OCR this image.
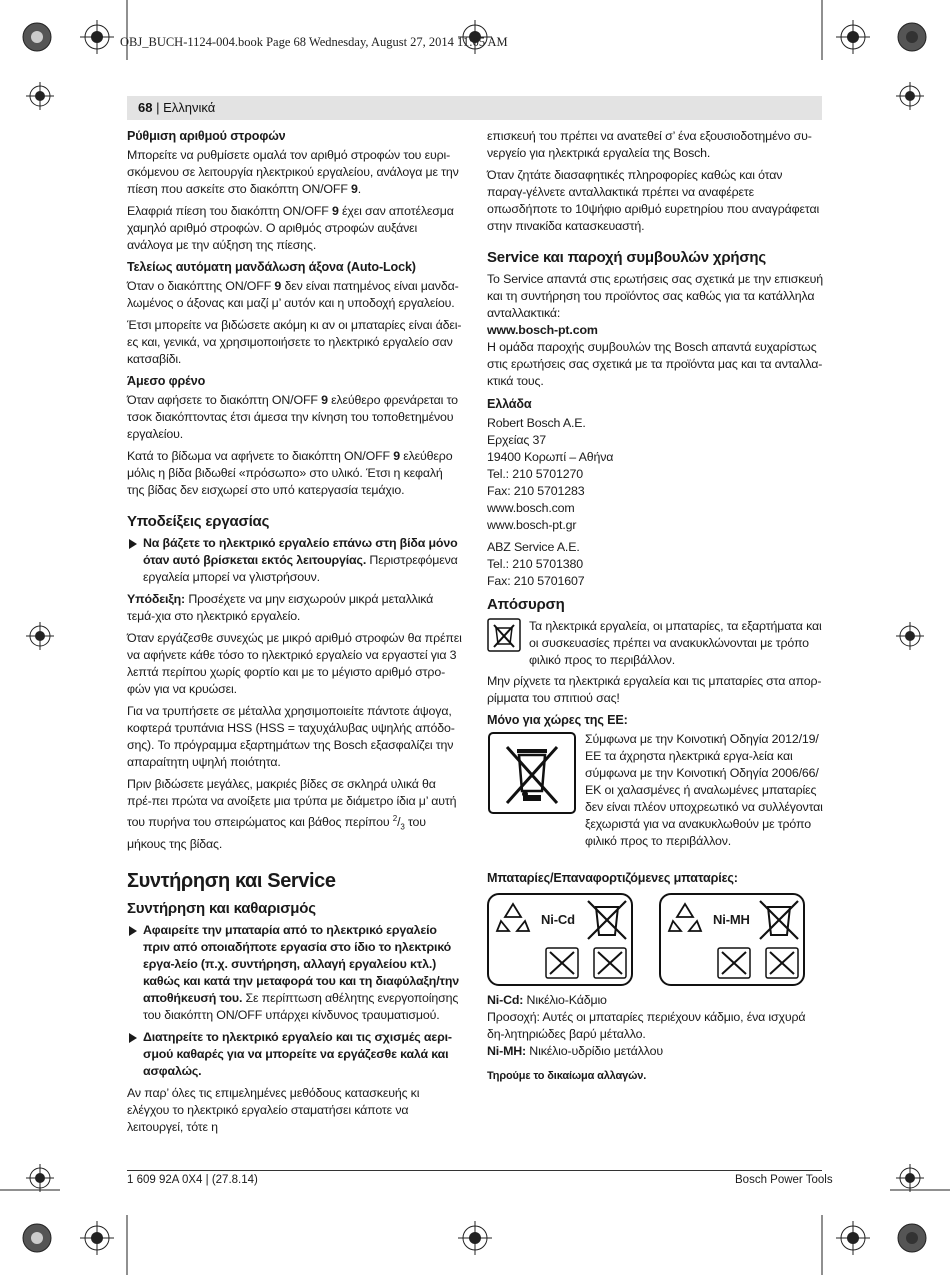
OBJ_BUCH-1124-004.book Page 68 Wednesday, August 27, 2014 11:05 AM
68 | Ελληνικά
Ρύθμιση αριθμού στροφών

Μπορείτε να ρυθμίσετε ομαλά τον αριθμό στροφών του ευρι-σκόμενου σε λειτουργία ηλεκτρικού εργαλείου, ανάλογα με την πίεση που ασκείτε στο διακόπτη ON/OFF 9.

Ελαφριά πίεση του διακόπτη ON/OFF 9 έχει σαν αποτέλεσμα χαμηλό αριθμό στροφών. Ο αριθμός στροφών αυξάνει ανάλογα με την αύξηση της πίεσης.

Τελείως αυτόματη μανδάλωση άξονα (Auto-Lock)

Όταν ο διακόπτης ON/OFF 9 δεν είναι πατημένος είναι μανδα-λωμένος ο άξονας και μαζί μ’ αυτόν και η υποδοχή εργαλείου.

Έτσι μπορείτε να βιδώσετε ακόμη κι αν οι μπαταρίες είναι άδει-ες και, γενικά, να χρησιμοποιήσετε το ηλεκτρικό εργαλείο σαν κατσαβίδι.

Άμεσο φρένο

Όταν αφήσετε το διακόπτη ON/OFF 9 ελεύθερο φρενάρεται το τσοκ διακόπτοντας έτσι άμεσα την κίνηση του τοποθετημένου εργαλείου.

Κατά το βίδωμα να αφήνετε το διακόπτη ON/OFF 9 ελεύθερο μόλις η βίδα βιδωθεί «πρόσωπο» στο υλικό. Έτσι η κεφαλή της βίδας δεν εισχωρεί στο υπό κατεργασία τεμάχιο.

Υποδείξεις εργασίας
Να βάζετε το ηλεκτρικό εργαλείο επάνω στη βίδα μόνο όταν αυτό βρίσκεται εκτός λειτουργίας. Περιστρεφόμενα εργαλεία μπορεί να γλιστρήσουν.

Υπόδειξη: Προσέχετε να μην εισχωρούν μικρά μεταλλικά τεμά-χια στο ηλεκτρικό εργαλείο.

Όταν εργάζεσθε συνεχώς με μικρό αριθμό στροφών θα πρέπει να αφήνετε κάθε τόσο το ηλεκτρικό εργαλείο να εργαστεί για 3 λεπτά περίπου χωρίς φορτίο και με το μέγιστο αριθμό στρο-φών για να κρυώσει.

Για να τρυπήσετε σε μέταλλα χρησιμοποιείτε πάντοτε άψογα, κοφτερά τρυπάνια HSS (HSS = ταχυχάλυβας υψηλής απόδο-σης). Το πρόγραμμα εξαρτημάτων της Bosch εξασφαλίζει την απαραίτητη υψηλή ποιότητα.

Πριν βιδώσετε μεγάλες, μακριές βίδες σε σκληρά υλικά θα πρέ-πει πρώτα να ανοίξετε μια τρύπα με διάμετρο ίδια μ’ αυτή του πυρήνα του σπειρώματος και βάθος περίπου $^2/_3$ του μήκους της βίδας.

Συντήρηση και Service
Συντήρηση και καθαρισμός
Αφαιρείτε την μπαταρία από το ηλεκτρικό εργαλείο πριν από οποιαδήποτε εργασία στο ίδιο το ηλεκτρικό εργα-λείο (π.χ. συντήρηση, αλλαγή εργαλείου κτλ.) καθώς και κατά την μεταφορά του και τη διαφύλαξη/την αποθήκευσή του. Σε περίπτωση αθέλητης ενεργοποίησης του διακόπτη ON/OFF υπάρχει κίνδυνος τραυματισμού.
Διατηρείτε το ηλεκτρικό εργαλείο και τις σχισμές αερι-σμού καθαρές για να μπορείτε να εργάζεσθε καλά και ασφαλώς.

Αν παρ’ όλες τις επιμελημένες μεθόδους κατασκευής κι ελέγχου το ηλεκτρικό εργαλείο σταματήσει κάποτε να λειτουργεί, τότε η

επισκευή του πρέπει να ανατεθεί σ’ ένα εξουσιοδοτημένο συ-νεργείο για ηλεκτρικά εργαλεία της Bosch.

Όταν ζητάτε διασαφητικές πληροφορίες καθώς και όταν παραγ-γέλνετε ανταλλακτικά πρέπει να αναφέρετε οπωσδήποτε το 10ψήφιο αριθμό ευρετηρίου που αναγράφεται στην πινακίδα κατασκευαστή.

Service και παροχή συμβουλών χρήσης

Το Service απαντά στις ερωτήσεις σας σχετικά με την επισκευή και τη συντήρηση του προϊόντος σας καθώς για τα κατάλληλα ανταλλακτικά:

www.bosch-pt.com

Η ομάδα παροχής συμβουλών της Bosch απαντά ευχαρίστως στις ερωτήσεις σας σχετικά με τα προϊόντα μας και τα ανταλλα-κτικά τους.

Ελλάδα

Robert Bosch A.E.
Ερχείας 37
19400 Κορωπί – Αθήνα
Tel.: 210 5701270
Fax: 210 5701283
www.bosch.com
www.bosch-pt.gr

ABZ Service A.E.
Tel.: 210 5701380
Fax: 210 5701607

Απόσυρση
Τα ηλεκτρικά εργαλεία, οι μπαταρίες, τα εξαρτήματα και οι συσκευασίες πρέπει να ανακυκλώνονται με τρόπο φιλικό προς το περιβάλλον.

Μην ρίχνετε τα ηλεκτρικά εργαλεία και τις μπαταρίες στα απορ-ρίμματα του σπιτιού σας!

Μόνο για χώρες της ΕΕ:
Σύμφωνα με την Κοινοτική Οδηγία 2012/19/ΕΕ τα άχρηστα ηλεκτρικά εργα-λεία και σύμφωνα με την Κοινοτική Οδηγία 2006/66/ΕΚ οι χαλασμένες ή αναλωμένες μπαταρίες δεν είναι πλέον υποχρεωτικό να συλλέγονται ξεχωριστά για να ανακυκλωθούν με τρόπο φιλικό προς το περιβάλλον.
Μπαταρίες/Επαναφορτιζόμενες μπαταρίες:
Ni-Cd	Ni-MH

Ni-Cd: Νικέλιο-Κάδμιο

Προσοχή: Αυτές οι μπαταρίες περιέχουν κάδμιο, ένα ισχυρά δη-λητηριώδες βαρύ μέταλλο.

Ni-MH: Νικέλιο-υδρίδιο μετάλλου

Τηρούμε το δικαίωμα αλλαγών.

1 609 92A 0X4 | (27.8.14)	Bosch Power Tools
